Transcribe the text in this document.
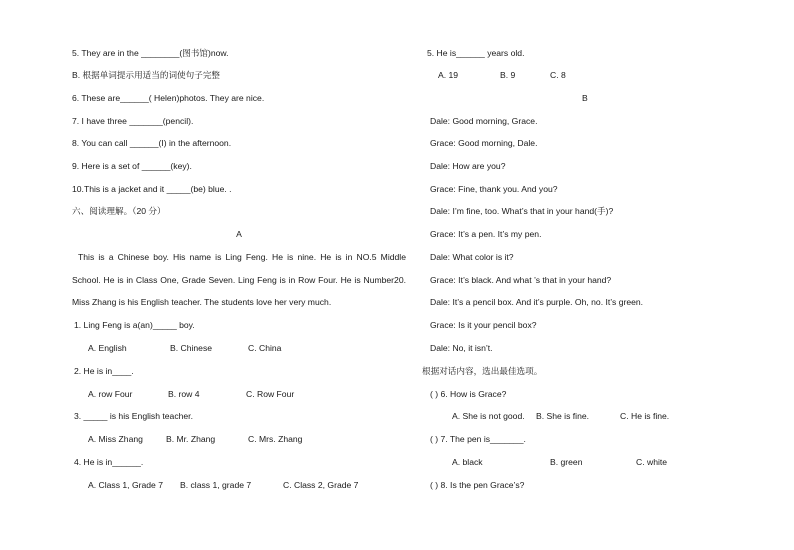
5. They are in the ________(图书馆)now.
B. 根据单词提示用适当的词使句子完整
6. These are______( Helen)photos. They are nice.
7. I have three _______(pencil).
8. You can call ______(I) in the afternoon.
9. Here is a set of ______(key).
10.This is a jacket and it _____(be) blue. .
六、阅读理解。（20 分）
A

This is a Chinese boy. His name is Ling Feng. He is nine. He is in NO.5 Middle School. He is in Class One, Grade Seven. Ling Feng is in Row Four. He is Number20. Miss Zhang is his English teacher. The students love her very much.

1. Ling Feng is a(an)_____ boy.
A. English	B. Chinese	C. China
2. He is in____.
A. row Four	B. row 4	C. Row Four
3. _____ is his English teacher.
A. Miss Zhang	B. Mr. Zhang	C. Mrs. Zhang
4. He is in______.
A. Class 1, Grade 7 B. class 1, grade 7	C. Class 2, Grade 7
5. He is______ years old.
A. 19	B. 9	C. 8
B
Dale: Good morning, Grace.
Grace: Good morning, Dale.
Dale: How are you?
Grace: Fine, thank you. And you?
Dale: I’m fine, too. What’s that in your hand(手)?
Grace: It’s a pen. It’s my pen.
Dale: What color is it?
Grace: It’s black. And what ’s that in your hand?
Dale: It’s a pencil box. And it’s purple. Oh, no. It’s green.
Grace: Is it your pencil box?
Dale: No, it isn’t.
根据对话内容，选出最佳选项。
( ) 6. How is Grace?
A. She is not good. B. She is fine.	C. He is fine.
( ) 7. The pen is_______.
A. black	B. green	C. white
( ) 8. Is the pen Grace’s?
